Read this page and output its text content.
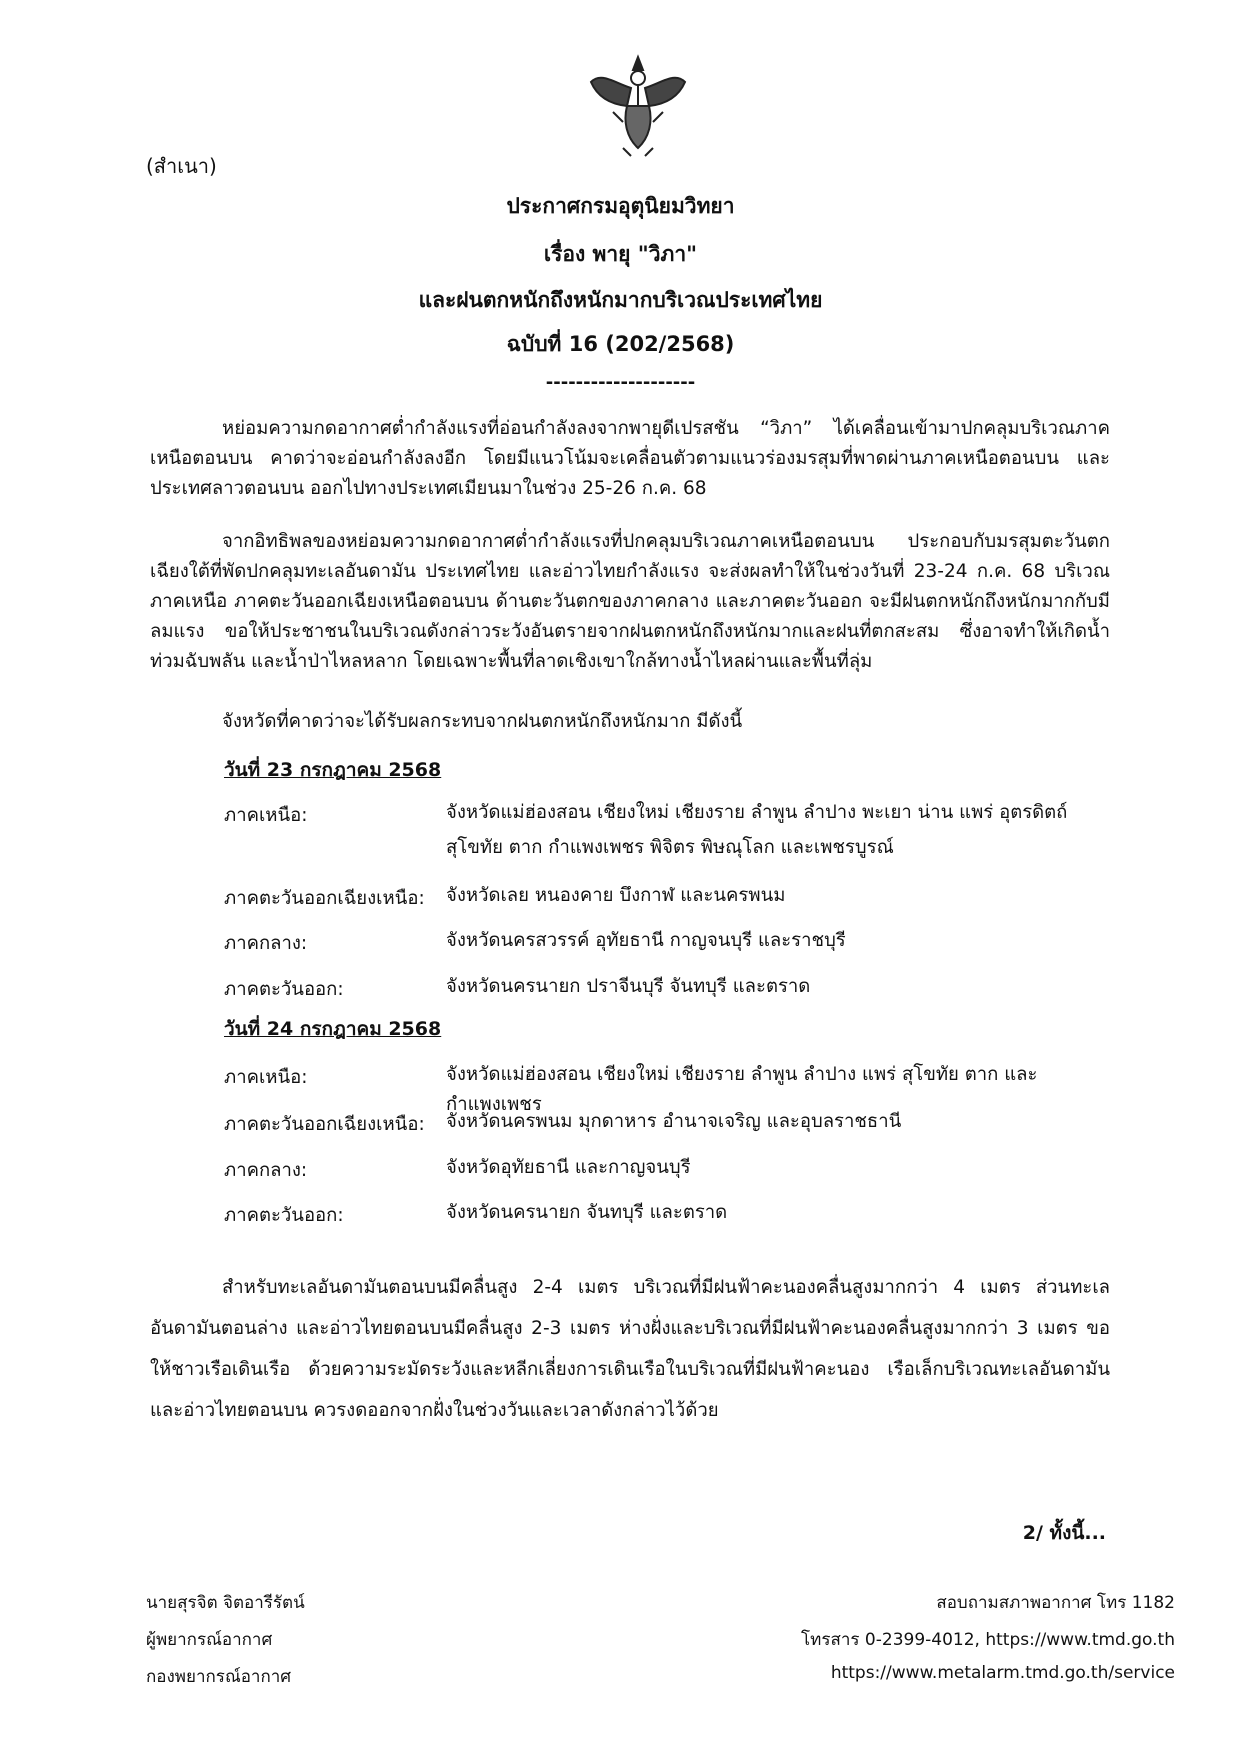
(สำเนา)
ประกาศกรมอุตุนิยมวิทยา
เรื่อง พายุ "วิภา"
และฝนตกหนักถึงหนักมากบริเวณประเทศไทย
ฉบับที่ 16 (202/2568)
--------------------
หย่อมความกดอากาศต่ำกำลังแรงที่อ่อนกำลังลงจากพายุดีเปรสชัน “วิภา” ได้เคลื่อนเข้ามาปกคลุมบริเวณภาคเหนือตอนบน คาดว่าจะอ่อนกำลังลงอีก โดยมีแนวโน้มจะเคลื่อนตัวตามแนวร่องมรสุมที่พาดผ่านภาคเหนือตอนบน และประเทศลาวตอนบน ออกไปทางประเทศเมียนมาในช่วง 25-26 ก.ค. 68
จากอิทธิพลของหย่อมความกดอากาศต่ำกำลังแรงที่ปกคลุมบริเวณภาคเหนือตอนบน ประกอบกับมรสุมตะวันตกเฉียงใต้ที่พัดปกคลุมทะเลอันดามัน ประเทศไทย และอ่าวไทยกำลังแรง จะส่งผลทำให้ในช่วงวันที่ 23-24 ก.ค. 68 บริเวณภาคเหนือ ภาคตะวันออกเฉียงเหนือตอนบน ด้านตะวันตกของภาคกลาง และภาคตะวันออก จะมีฝนตกหนักถึงหนักมากกับมีลมแรง ขอให้ประชาชนในบริเวณดังกล่าวระวังอันตรายจากฝนตกหนักถึงหนักมากและฝนที่ตกสะสม ซึ่งอาจทำให้เกิดน้ำท่วมฉับพลัน และน้ำป่าไหลหลาก โดยเฉพาะพื้นที่ลาดเชิงเขาใกล้ทางน้ำไหลผ่านและพื้นที่ลุ่ม
จังหวัดที่คาดว่าจะได้รับผลกระทบจากฝนตกหนักถึงหนักมาก มีดังนี้
วันที่ 23 กรกฎาคม 2568
ภาคเหนือ:	จังหวัดแม่ฮ่องสอน เชียงใหม่ เชียงราย ลำพูน ลำปาง พะเยา น่าน แพร่ อุตรดิตถ์
สุโขทัย ตาก กำแพงเพชร พิจิตร พิษณุโลก และเพชรบูรณ์
ภาคตะวันออกเฉียงเหนือ: จังหวัดเลย หนองคาย บึงกาฬ และนครพนม
ภาคกลาง:	จังหวัดนครสวรรค์ อุทัยธานี กาญจนบุรี และราชบุรี
ภาคตะวันออก:	จังหวัดนครนายก ปราจีนบุรี จันทบุรี และตราด
วันที่ 24 กรกฎาคม 2568
ภาคเหนือ:	จังหวัดแม่ฮ่องสอน เชียงใหม่ เชียงราย ลำพูน ลำปาง แพร่ สุโขทัย ตาก และกำแพงเพชร
ภาคตะวันออกเฉียงเหนือ: จังหวัดนครพนม มุกดาหาร อำนาจเจริญ และอุบลราชธานี
ภาคกลาง:	จังหวัดอุทัยธานี และกาญจนบุรี
ภาคตะวันออก:	จังหวัดนครนายก จันทบุรี และตราด
สำหรับทะเลอันดามันตอนบนมีคลื่นสูง 2-4 เมตร บริเวณที่มีฝนฟ้าคะนองคลื่นสูงมากกว่า 4 เมตร ส่วนทะเลอันดามันตอนล่าง และอ่าวไทยตอนบนมีคลื่นสูง 2-3 เมตร ห่างฝั่งและบริเวณที่มีฝนฟ้าคะนองคลื่นสูงมากกว่า 3 เมตร ขอให้ชาวเรือเดินเรือ ด้วยความระมัดระวังและหลีกเลี่ยงการเดินเรือในบริเวณที่มีฝนฟ้าคะนอง เรือเล็กบริเวณทะเลอันดามันและอ่าวไทยตอนบน ควรงดออกจากฝั่งในช่วงวันและเวลาดังกล่าวไว้ด้วย
2/ ทั้งนี้...
นายสุรจิต จิตอารีรัตน์
ผู้พยากรณ์อากาศ
กองพยากรณ์อากาศ
สอบถามสภาพอากาศ โทร 1182
โทรสาร 0-2399-4012, https://www.tmd.go.th
https://www.metalarm.tmd.go.th/service
